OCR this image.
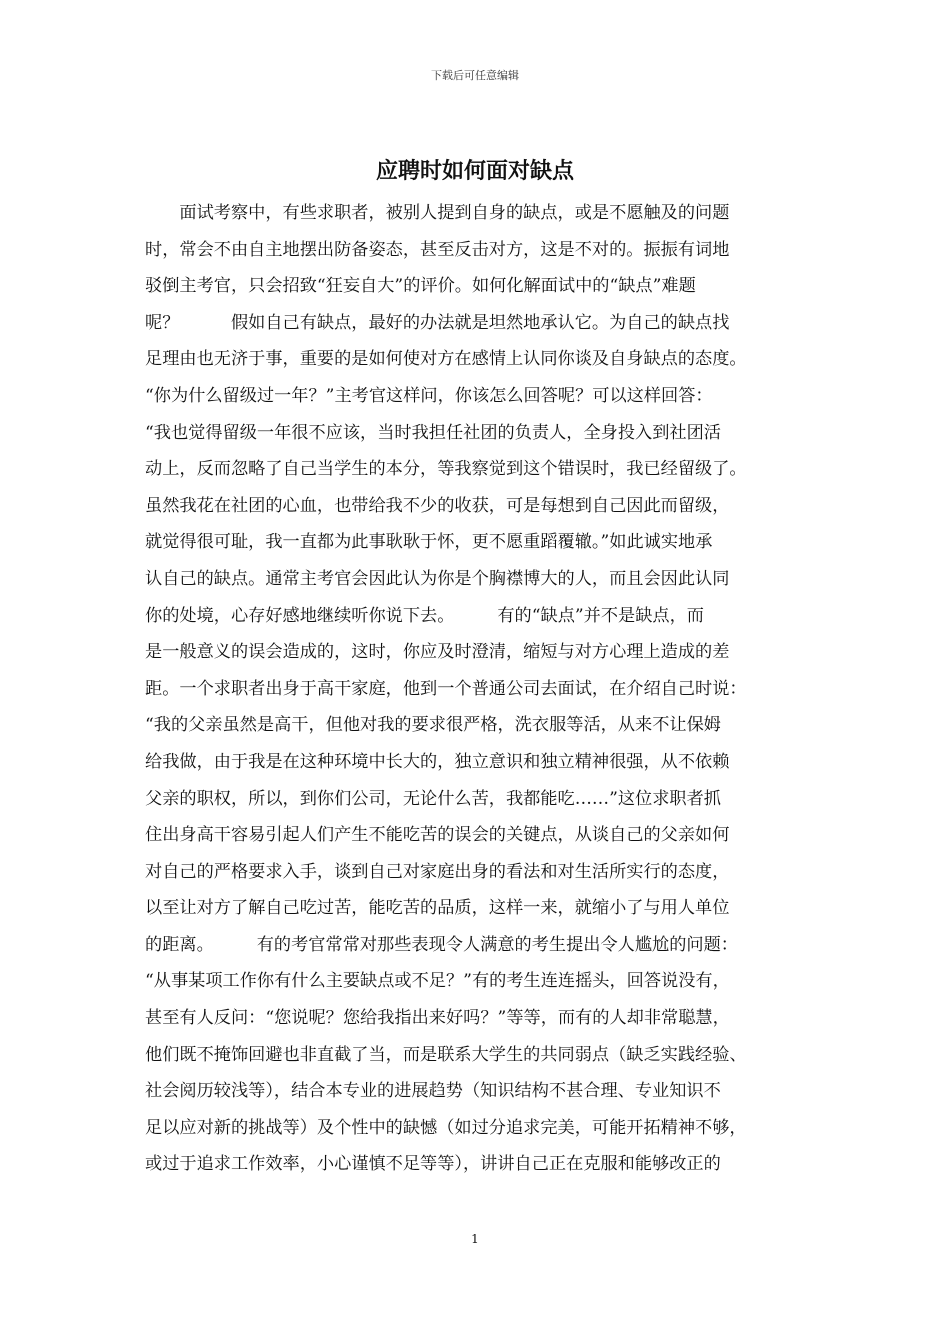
下载后可任意编辑
应聘时如何面对缺点
　　面试考察中，有些求职者，被别人提到自身的缺点，或是不愿触及的问题
时，常会不由自主地摆出防备姿态，甚至反击对方，这是不对的。振振有词地
驳倒主考官，只会招致“狂妄自大”的评价。如何化解面试中的“缺点”难题
呢？　　　假如自己有缺点，最好的办法就是坦然地承认它。为自己的缺点找
足理由也无济于事，重要的是如何使对方在感情上认同你谈及自身缺点的态度。
“你为什么留级过一年？”主考官这样问，你该怎么回答呢？可以这样回答：
“我也觉得留级一年很不应该，当时我担任社团的负责人，全身投入到社团活
动上，反而忽略了自己当学生的本分，等我察觉到这个错误时，我已经留级了。
虽然我花在社团的心血，也带给我不少的收获，可是每想到自己因此而留级，
就觉得很可耻，我一直都为此事耿耿于怀，更不愿重蹈覆辙。”如此诚实地承
认自己的缺点。通常主考官会因此认为你是个胸襟博大的人，而且会因此认同
你的处境，心存好感地继续听你说下去。　　　有的“缺点”并不是缺点，而
是一般意义的误会造成的，这时，你应及时澄清，缩短与对方心理上造成的差
距。一个求职者出身于高干家庭，他到一个普通公司去面试，在介绍自己时说：
“我的父亲虽然是高干，但他对我的要求很严格，洗衣服等活，从来不让保姆
给我做，由于我是在这种环境中长大的，独立意识和独立精神很强，从不依赖
父亲的职权，所以，到你们公司，无论什么苦，我都能吃……”这位求职者抓
住出身高干容易引起人们产生不能吃苦的误会的关键点，从谈自己的父亲如何
对自己的严格要求入手，谈到自己对家庭出身的看法和对生活所实行的态度，
以至让对方了解自己吃过苦，能吃苦的品质，这样一来，就缩小了与用人单位
的距离。　　　有的考官常常对那些表现令人满意的考生提出令人尴尬的问题：
“从事某项工作你有什么主要缺点或不足？”有的考生连连摇头，回答说没有，
甚至有人反问：“您说呢？您给我指出来好吗？”等等，而有的人却非常聪慧，
他们既不掩饰回避也非直截了当，而是联系大学生的共同弱点（缺乏实践经验、
社会阅历较浅等），结合本专业的进展趋势（知识结构不甚合理、专业知识不
足以应对新的挑战等）及个性中的缺憾（如过分追求完美，可能开拓精神不够，
或过于追求工作效率，小心谨慎不足等等），讲讲自己正在克服和能够改正的
1
